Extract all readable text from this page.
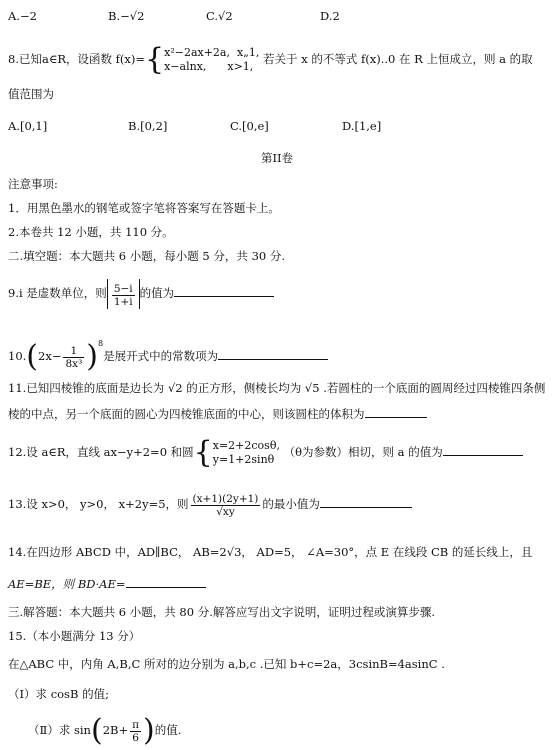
A.−2	B.−√2	C.√2	D.2
8.已知a∈R，设函数 f(x)={ x²−2ax+2a, x„1,
x−alnx, x>1,
若关于 x 的不等式 f(x)..0 在 R 上恒成立，则 a 的取
值范围为
A.[0,1]	B.[0,2]	C.[0,e]	D.[1,e]
第II卷
注意事项:
1．用黑色墨水的钢笔或签字笔将答案写在答题卡上。
2.本卷共 12 小题，共 110 分。
二.填空题：本大题共 6 小题，每小题 5 分，共 30 分.
9.i 是虚数单位，则 $\frac{5-i}{1+i}$ 的值为
$10.(2x- \frac{1}{\text{8x³}} )^8$是展开式中的常数项为
11.已知四棱锥的底面是边长为 √2 的正方形，侧棱长均为 √5 .若圆柱的一个底面的圆周经过四棱锥四条侧
棱的中点，另一个底面的圆心为四棱锥底面的中心，则该圆柱的体积为
12.设 a∈R，直线 ax−y+2=0 和圆{ x=2+2cosθ,
y=1+2sinθ
（θ为参数）相切，则 a 的值为
13.设 x>0， y>0， x+2y=5，则 $\frac{(x+1)(2y+1)}{√xy}$ 的最小值为
14.在四边形 ABCD 中，AD∥BC， AB=2√3， AD=5， ∠A=30°，点 E 在线段 CB 的延长线上，且
AE=BE，则 BD·AE=
三.解答题：本大题共 6 小题，共 80 分.解答应写出文字说明，证明过程或演算步骤.
15.（本小题满分 13 分）
在△ABC 中，内角 A,B,C 所对的边分别为 a,b,c .已知 b+c=2a，3csinB=4asinC .
（Ⅰ）求 cosB 的值;
（Ⅱ）求 $\sin(2B+ \frac{\pi}{6}$ )的值.
